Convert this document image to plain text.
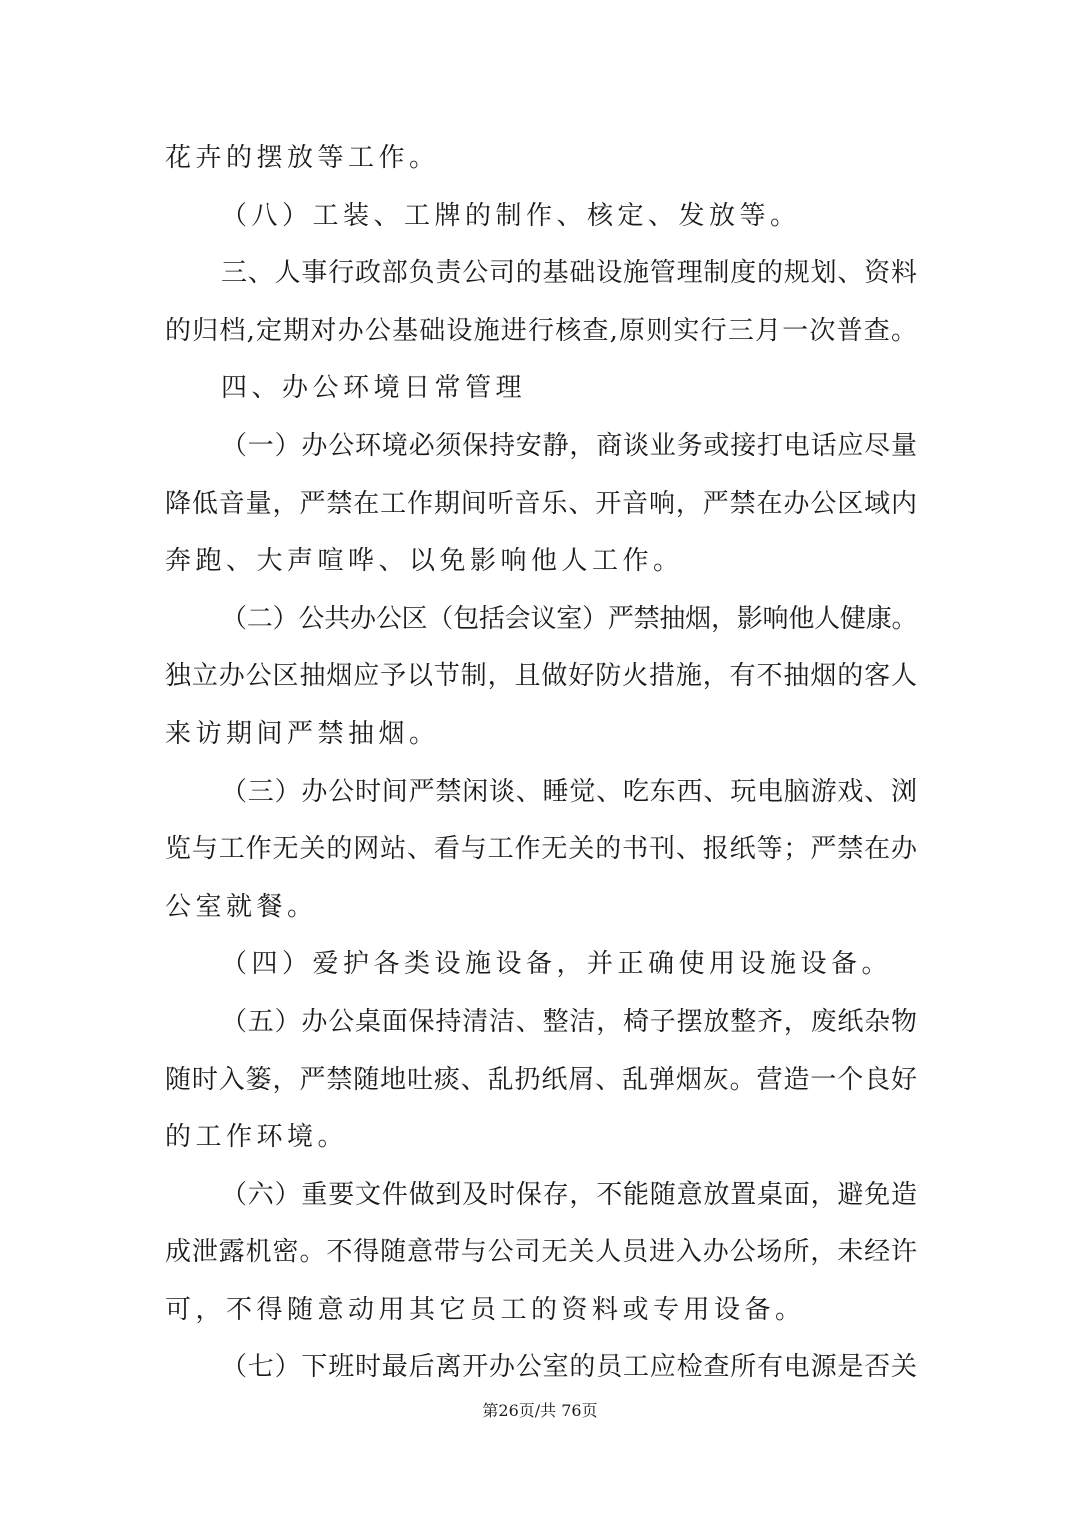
花卉的摆放等工作。
（八）工装、工牌的制作、核定、发放等。
三、人事行政部负责公司的基础设施管理制度的规划、资料
的归档,定期对办公基础设施进行核查,原则实行三月一次普查。
四、办公环境日常管理
（一）办公环境必须保持安静，商谈业务或接打电话应尽量
降低音量，严禁在工作期间听音乐、开音响，严禁在办公区域内
奔跑、大声喧哗、以免影响他人工作。
（二）公共办公区（包括会议室）严禁抽烟，影响他人健康。
独立办公区抽烟应予以节制，且做好防火措施，有不抽烟的客人
来访期间严禁抽烟。
（三）办公时间严禁闲谈、睡觉、吃东西、玩电脑游戏、浏
览与工作无关的网站、看与工作无关的书刊、报纸等；严禁在办
公室就餐。
（四）爱护各类设施设备，并正确使用设施设备。
（五）办公桌面保持清洁、整洁，椅子摆放整齐，废纸杂物
随时入篓，严禁随地吐痰、乱扔纸屑、乱弹烟灰。营造一个良好
的工作环境。
（六）重要文件做到及时保存，不能随意放置桌面，避免造
成泄露机密。不得随意带与公司无关人员进入办公场所，未经许
可，不得随意动用其它员工的资料或专用设备。
（七）下班时最后离开办公室的员工应检查所有电源是否关
第26页/共 76页
